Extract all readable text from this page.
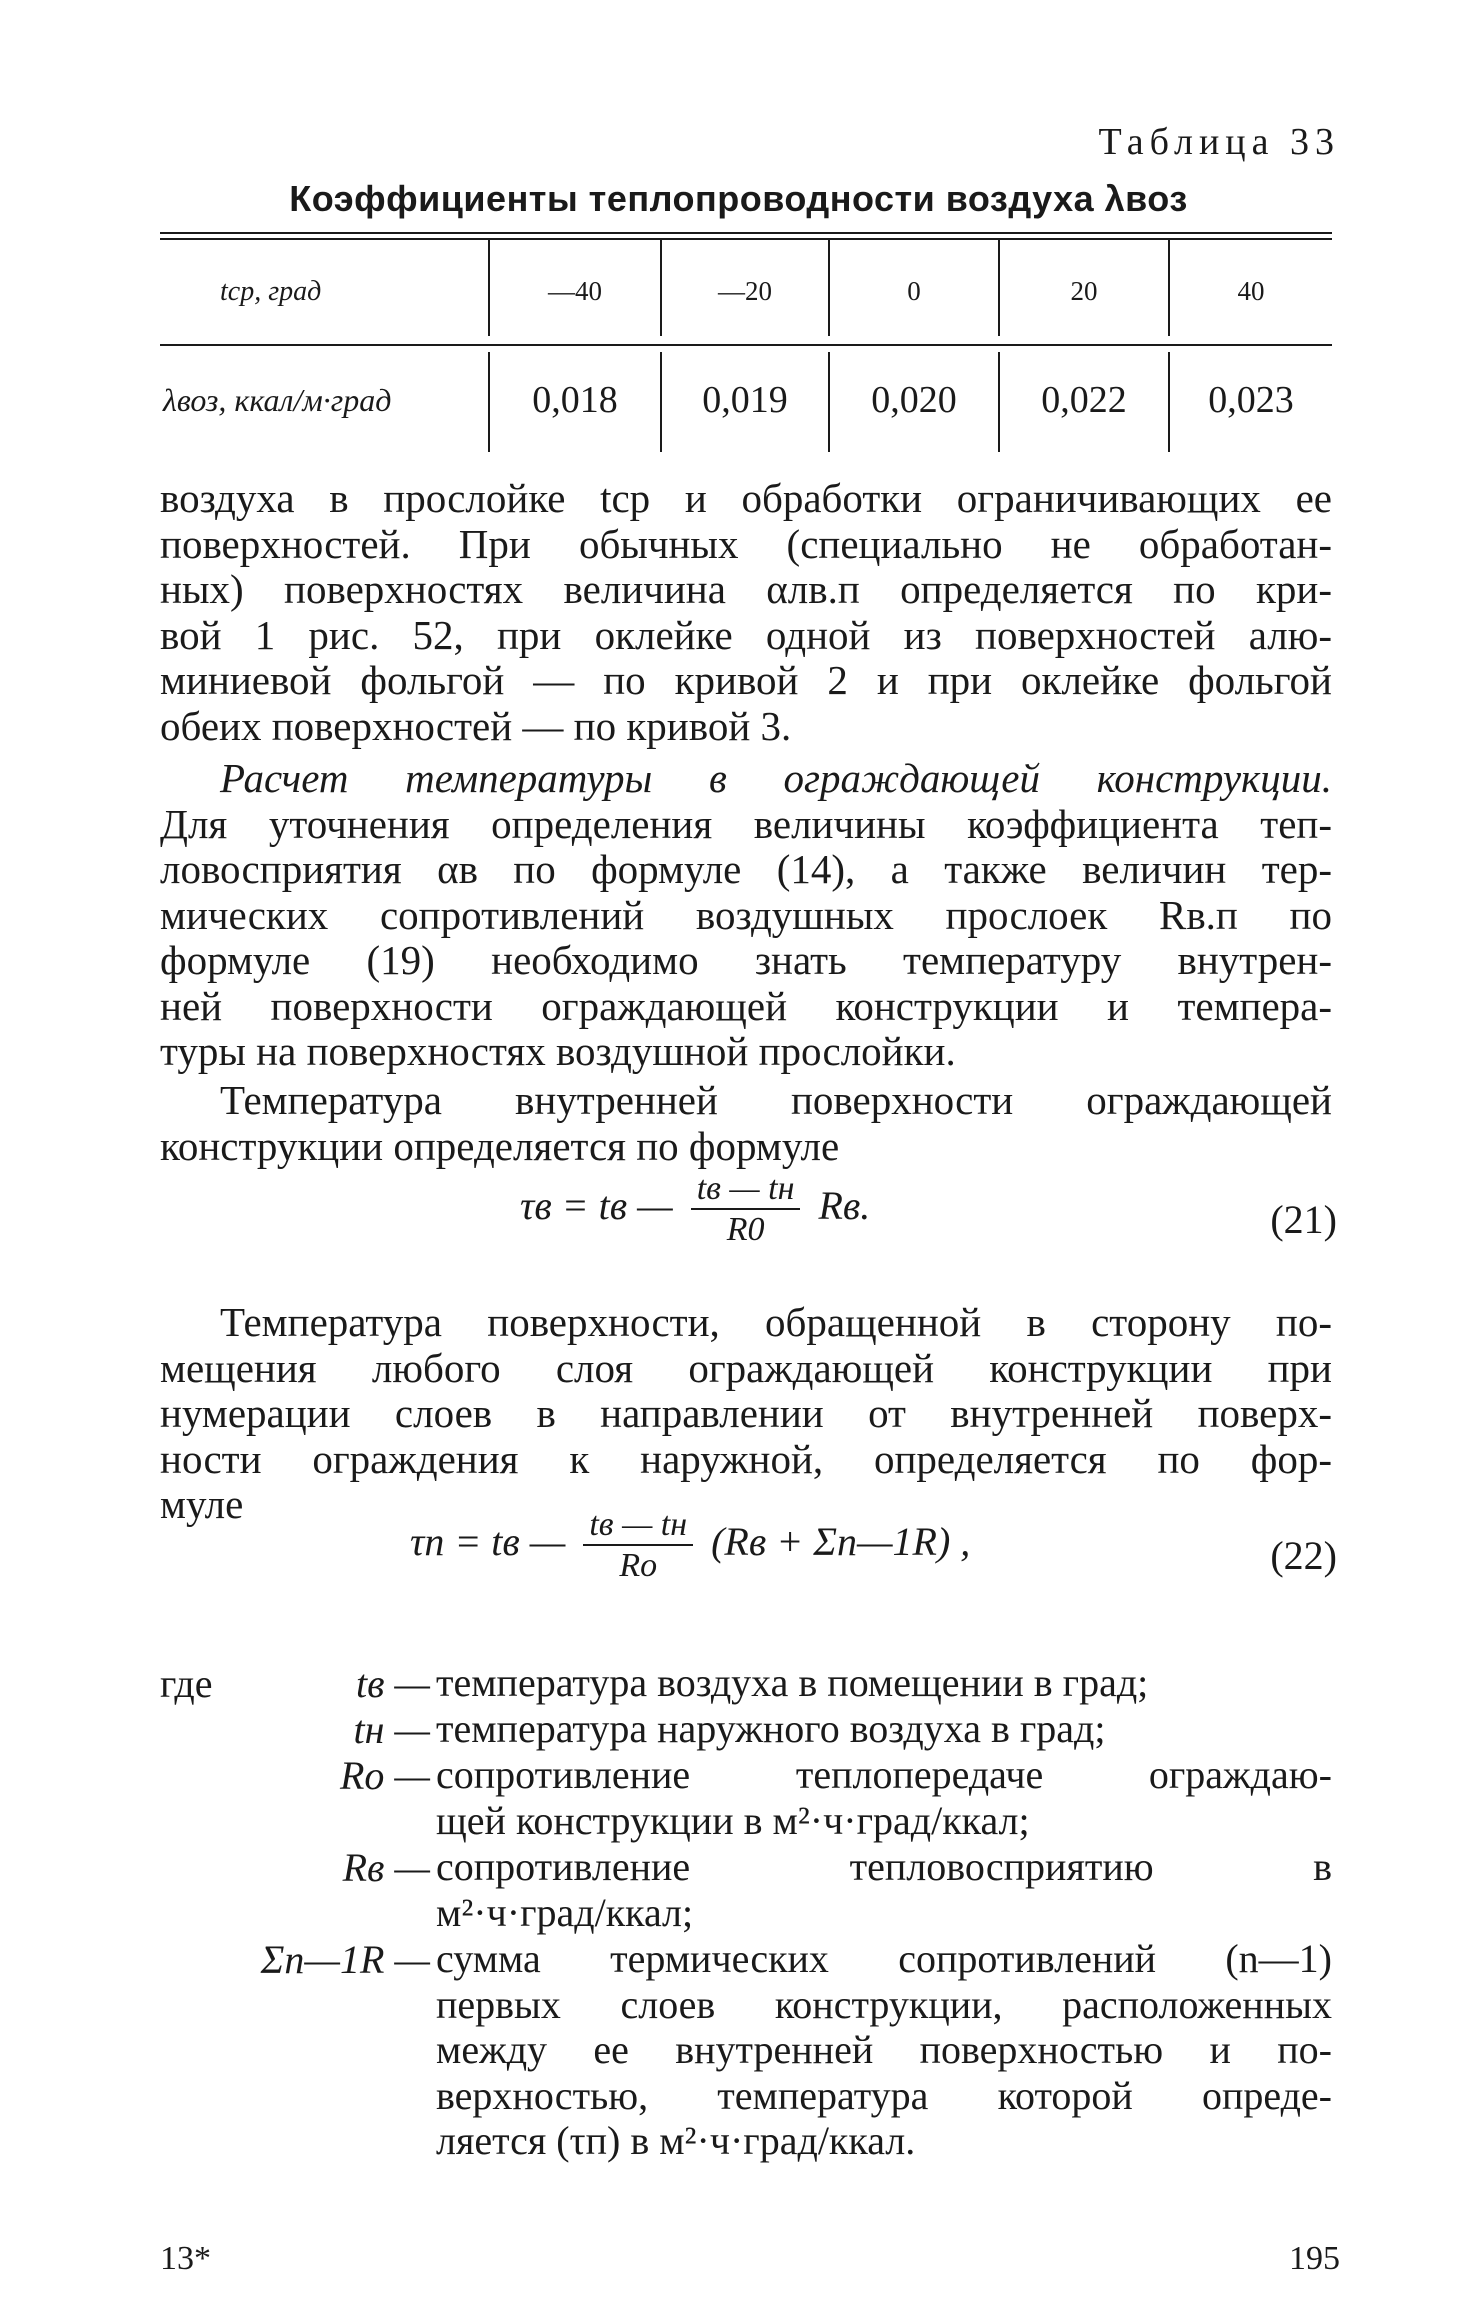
Таблица 33
Коэффициенты теплопроводности воздуха λвоз
tср, град	—40	—20	0	20	40
λвоз, ккал/м·град	0,018	0,019	0,020	0,022	0,023
воздуха в прослойке tср и обработки ограничивающих ее
поверхностей. При обычных (специально не обработан-
ных) поверхностях величина αлв.п определяется по кри-
вой 1 рис. 52, при оклейке одной из поверхностей алю-
миниевой фольгой — по кривой 2 и при оклейке фольгой
обеих поверхностей — по кривой 3.
Расчет температуры в ограждающей конструкции.
Для уточнения определения величины коэффициента теп-
ловосприятия αв по формуле (14), а также величин тер-
мических сопротивлений воздушных прослоек Rв.п по
формуле (19) необходимо знать температуру внутрен-
ней поверхности ограждающей конструкции и темпера-
туры на поверхностях воздушной прослойки.
Температура внутренней поверхности ограждающей
конструкции определяется по формуле
τв = tв — $\frac{tв — tн}{R0}$ Rв.	(21)
Температура поверхности, обращенной в сторону по-
мещения любого слоя ограждающей конструкции при
нумерации слоев в направлении от внутренней поверх-
ности ограждения к наружной, определяется по фор-
муле
τп = tв — $\frac{tв — tн}{Ro} (Rв$ + Σn—1R) ,	(22)
где	tв — температура воздуха в помещении в град;
tн — температура наружного воздуха в град;
Ro — сопротивление теплопередаче ограждаю-
щей конструкции в м²·ч·град/ккал;
Rв — сопротивление тепловосприятию в
м²·ч·град/ккал;
Σn—1R — сумма термических сопротивлений (n—1)
первых слоев конструкции, расположенных
между ее внутренней поверхностью и по-
верхностью, температура которой опреде-
ляется (τп) в м²·ч·град/ккал.
13*	195
